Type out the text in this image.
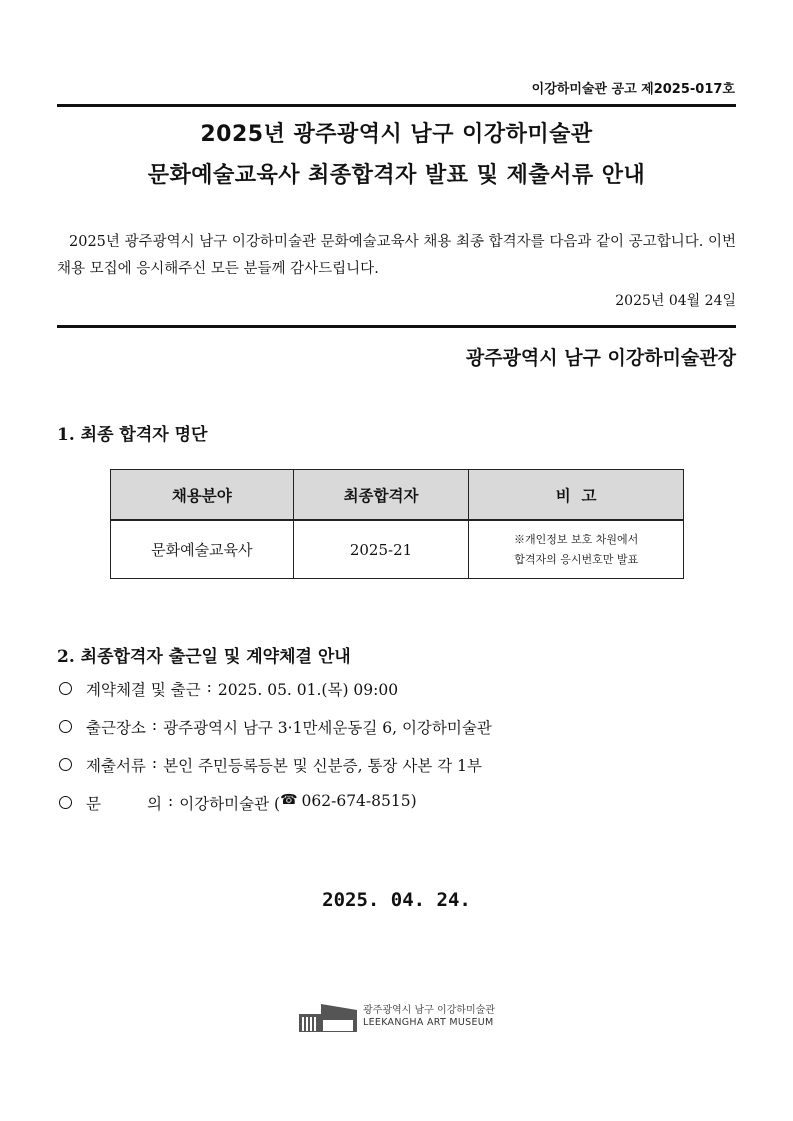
이강하미술관 공고 제2025-017호
2025년 광주광역시 남구 이강하미술관
문화예술교육사 최종합격자 발표 및 제출서류 안내

2025년 광주광역시 남구 이강하미술관 문화예술교육사 채용 최종 합격자를 다음과 같이 공고합니다. 이번 채용 모집에 응시해주신 모든 분들께 감사드립니다.

2025년 04월 24일
광주광역시 남구 이강하미술관장
1. 최종 합격자 명단
채용분야	최종합격자	비  고
문화예술교육사	2025-21	※개인정보 보호 차원에서
합격자의 응시번호만 발표
2. 최종합격자 출근일 및 계약체결 안내
계약체결 및 출근 : 2025. 05. 01.(목) 09:00
출근장소 : 광주광역시 남구 3·1만세운동길 6, 이강하미술관
제출서류 : 본인 주민등록등본 및 신분증, 통장 사본 각 1부
문	의 : 이강하미술관 ( ☎ 062-674-8515)
2025. 04. 24.
광주광역시 남구 이강하미술관
LEEKANGHA ART MUSEUM
